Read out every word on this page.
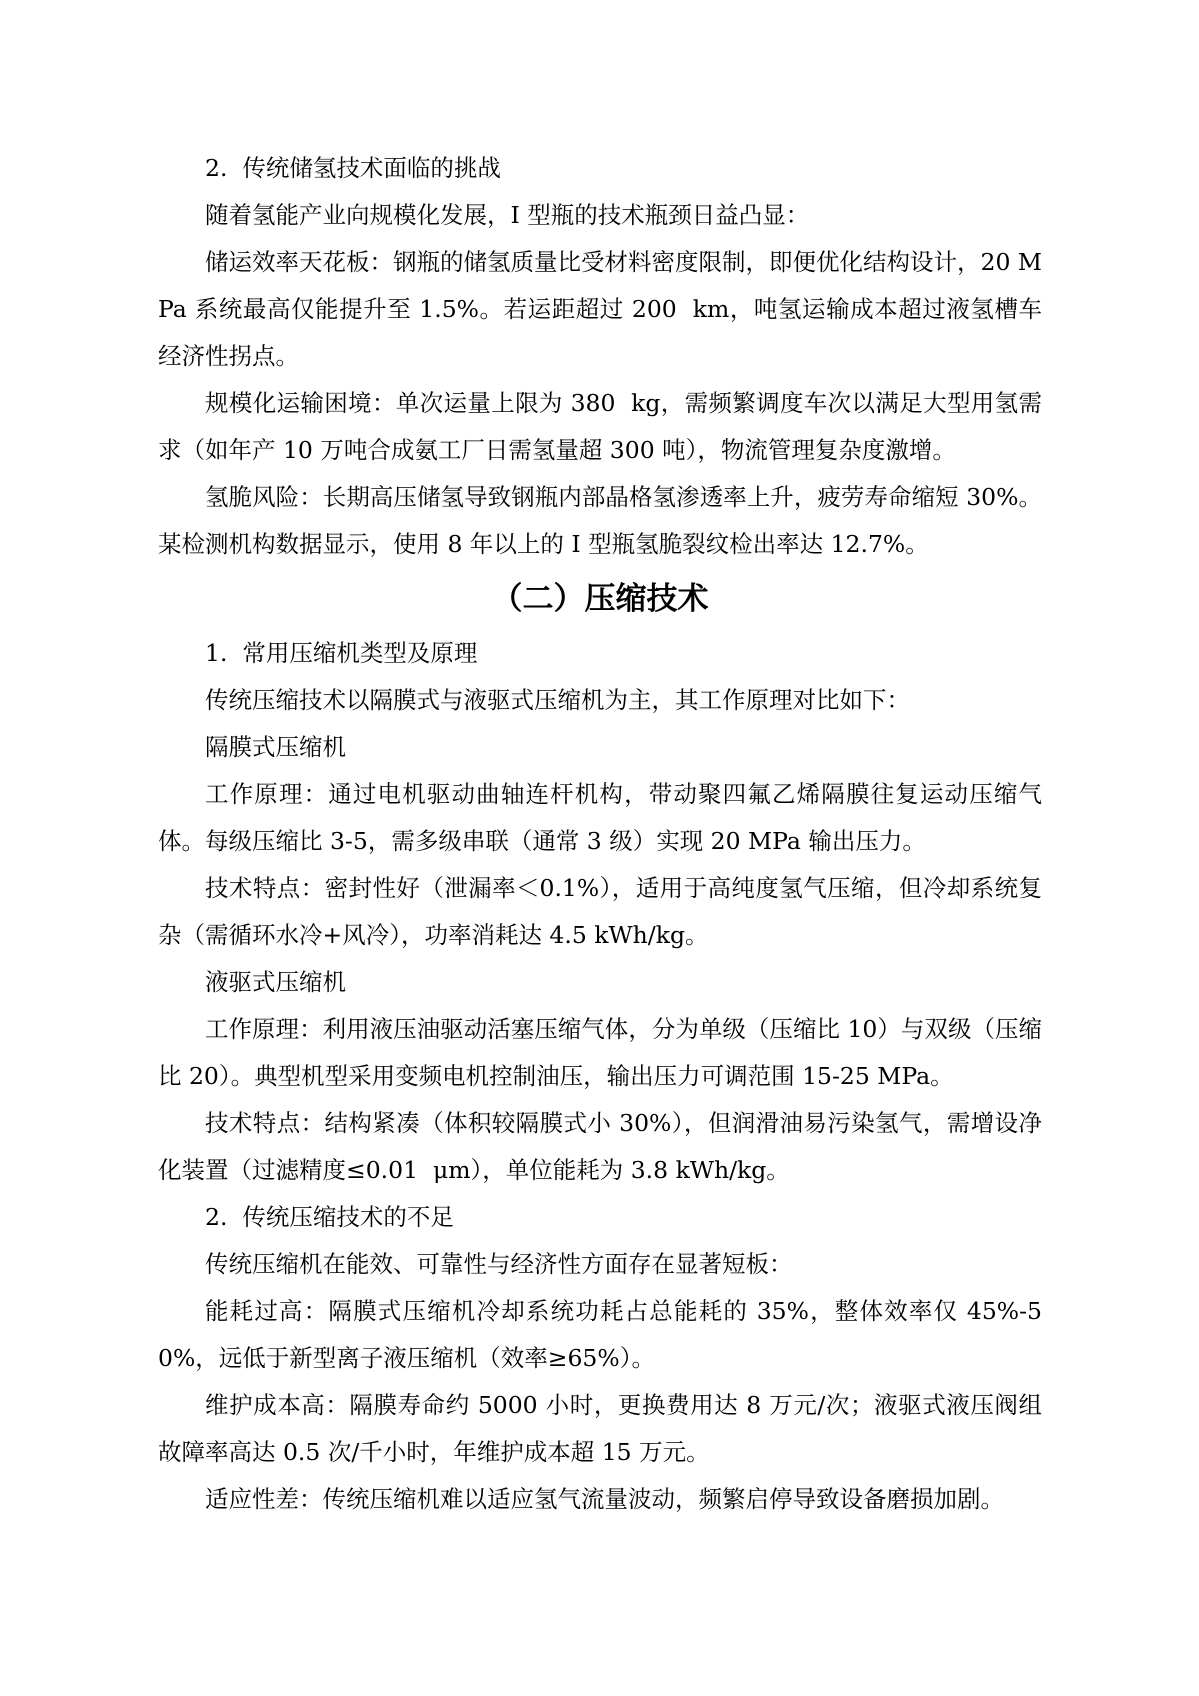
2.  传统储氢技术面临的挑战

随着氢能产业向规模化发展，I 型瓶的技术瓶颈日益凸显：

储运效率天花板：钢瓶的储氢质量比受材料密度限制，即便优化结构设计，20 MPa 系统最高仅能提升至 1.5%。若运距超过 200  km，吨氢运输成本超过液氢槽车经济性拐点。

规模化运输困境：单次运量上限为 380  kg，需频繁调度车次以满足大型用氢需求（如年产 10 万吨合成氨工厂日需氢量超 300 吨），物流管理复杂度激增。

氢脆风险：长期高压储氢导致钢瓶内部晶格氢渗透率上升，疲劳寿命缩短 30%。某检测机构数据显示，使用 8 年以上的 I 型瓶氢脆裂纹检出率达 12.7%。

（二）压缩技术

1.  常用压缩机类型及原理

传统压缩技术以隔膜式与液驱式压缩机为主，其工作原理对比如下：

隔膜式压缩机

工作原理：通过电机驱动曲轴连杆机构，带动聚四氟乙烯隔膜往复运动压缩气体。每级压缩比 3-5，需多级串联（通常 3 级）实现 20 MPa 输出压力。

技术特点：密封性好（泄漏率＜0.1%），适用于高纯度氢气压缩，但冷却系统复杂（需循环水冷+风冷），功率消耗达 4.5 kWh/kg。

液驱式压缩机

工作原理：利用液压油驱动活塞压缩气体，分为单级（压缩比 10）与双级（压缩比 20）。典型机型采用变频电机控制油压，输出压力可调范围 15-25 MPa。

技术特点：结构紧凑（体积较隔膜式小 30%），但润滑油易污染氢气，需增设净化装置（过滤精度≤0.01  μm），单位能耗为 3.8 kWh/kg。

2.  传统压缩技术的不足

传统压缩机在能效、可靠性与经济性方面存在显著短板：

能耗过高：隔膜式压缩机冷却系统功耗占总能耗的 35%，整体效率仅 45%-50%，远低于新型离子液压缩机（效率≥65%）。

维护成本高：隔膜寿命约 5000 小时，更换费用达 8 万元/次；液驱式液压阀组故障率高达 0.5 次/千小时，年维护成本超 15 万元。

适应性差：传统压缩机难以适应氢气流量波动，频繁启停导致设备磨损加剧。
